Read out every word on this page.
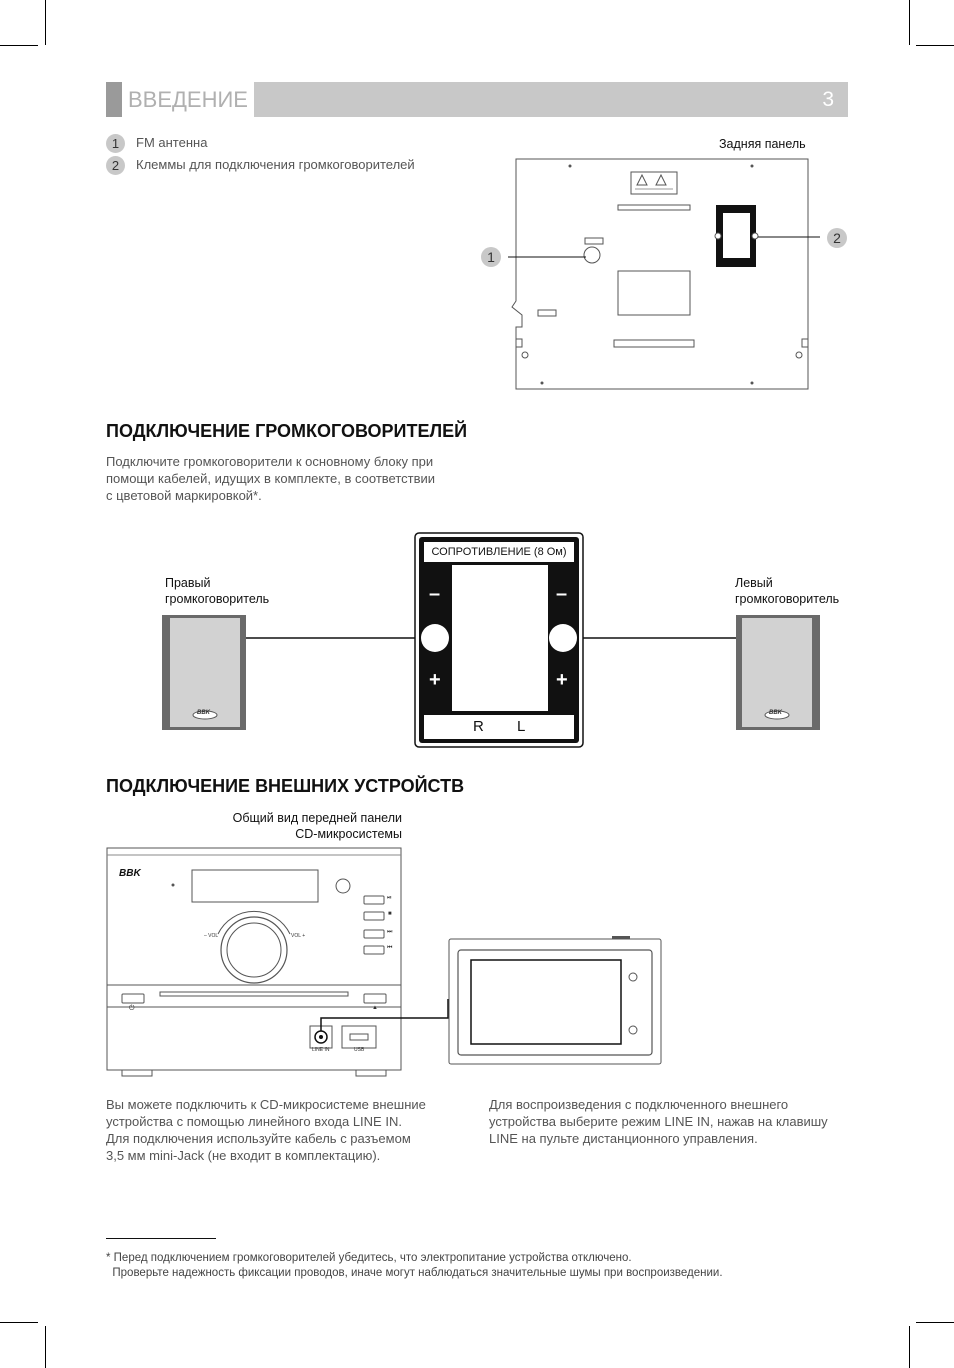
ВВЕДЕНИЕ	3
1 FM антенна
2 Клеммы для подключения громкоговорителей
Задняя панель
1
2
ПОДКЛЮЧЕНИЕ ГРОМКОГОВОРИТЕЛЕЙ
Подключите громкоговорители к основному блоку при
помощи кабелей, идущих в комплекте, в соответствии
с цветовой маркировкой*.
Правый
громкоговоритель
Левый
громкоговоритель
СОПРОТИВЛЕНИЕ (8 Ом)
–	–
+	+
R L
BBK	BBK
ПОДКЛЮЧЕНИЕ ВНЕШНИХ УСТРОЙСТВ
Общий вид передней панели
CD-микросистемы
BBK
– VOL	VOL +
⏯
■
⏭
⏮
⏻	▲
LINE IN	USB
Вы можете подключить к CD-микросистеме внешние
устройства с помощью линейного входа LINE IN.
Для подключения используйте кабель с разъемом
3,5 мм mini-Jack (не входит в комплектацию).
Для воспроизведения с подключенного внешнего
устройства выберите режим LINE IN, нажав на клавишу
LINE на пульте дистанционного управления.
* Перед подключением громкоговорителей убедитесь, что электропитание устройства отключено.
Проверьте надежность фиксации проводов, иначе могут наблюдаться значительные шумы при воспроизведении.
